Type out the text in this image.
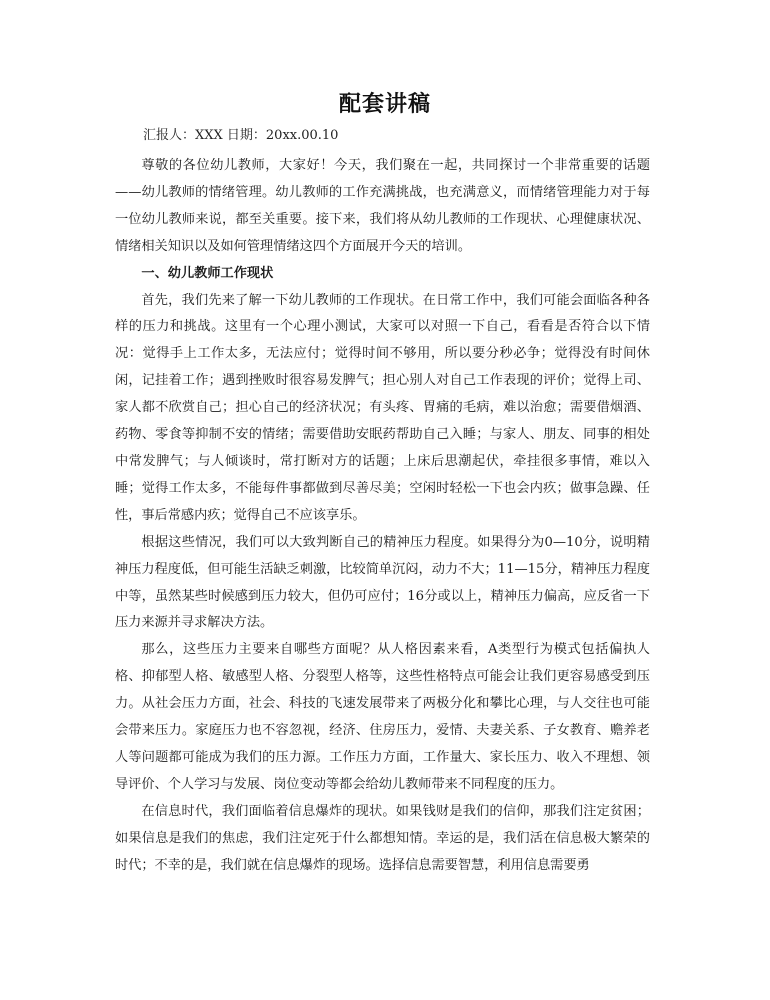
配套讲稿
汇报人：XXX 日期：20xx.00.10

尊敬的各位幼儿教师，大家好！今天，我们聚在一起，共同探讨一个非常重要的话题——幼儿教师的情绪管理。幼儿教师的工作充满挑战，也充满意义，而情绪管理能力对于每一位幼儿教师来说，都至关重要。接下来，我们将从幼儿教师的工作现状、心理健康状况、情绪相关知识以及如何管理情绪这四个方面展开今天的培训。

一、幼儿教师工作现状

首先，我们先来了解一下幼儿教师的工作现状。在日常工作中，我们可能会面临各种各样的压力和挑战。这里有一个心理小测试，大家可以对照一下自己，看看是否符合以下情况：觉得手上工作太多，无法应付；觉得时间不够用，所以要分秒必争；觉得没有时间休闲，记挂着工作；遇到挫败时很容易发脾气；担心别人对自己工作表现的评价；觉得上司、家人都不欣赏自己；担心自己的经济状况；有头疼、胃痛的毛病，难以治愈；需要借烟酒、药物、零食等抑制不安的情绪；需要借助安眠药帮助自己入睡；与家人、朋友、同事的相处中常发脾气；与人倾谈时，常打断对方的话题；上床后思潮起伏，牵挂很多事情，难以入睡；觉得工作太多，不能每件事都做到尽善尽美；空闲时轻松一下也会内疚；做事急躁、任性，事后常感内疚；觉得自己不应该享乐。

根据这些情况，我们可以大致判断自己的精神压力程度。如果得分为0—10分，说明精神压力程度低，但可能生活缺乏刺激，比较简单沉闷，动力不大；11—15分，精神压力程度中等，虽然某些时候感到压力较大，但仍可应付；16分或以上，精神压力偏高，应反省一下压力来源并寻求解决方法。

那么，这些压力主要来自哪些方面呢？从人格因素来看，A类型行为模式包括偏执人格、抑郁型人格、敏感型人格、分裂型人格等，这些性格特点可能会让我们更容易感受到压力。从社会压力方面，社会、科技的飞速发展带来了两极分化和攀比心理，与人交往也可能会带来压力。家庭压力也不容忽视，经济、住房压力，爱情、夫妻关系、子女教育、赡养老人等问题都可能成为我们的压力源。工作压力方面，工作量大、家长压力、收入不理想、领导评价、个人学习与发展、岗位变动等都会给幼儿教师带来不同程度的压力。

在信息时代，我们面临着信息爆炸的现状。如果钱财是我们的信仰，那我们注定贫困；如果信息是我们的焦虑，我们注定死于什么都想知情。幸运的是，我们活在信息极大繁荣的时代；不幸的是，我们就在信息爆炸的现场。选择信息需要智慧，利用信息需要勇
